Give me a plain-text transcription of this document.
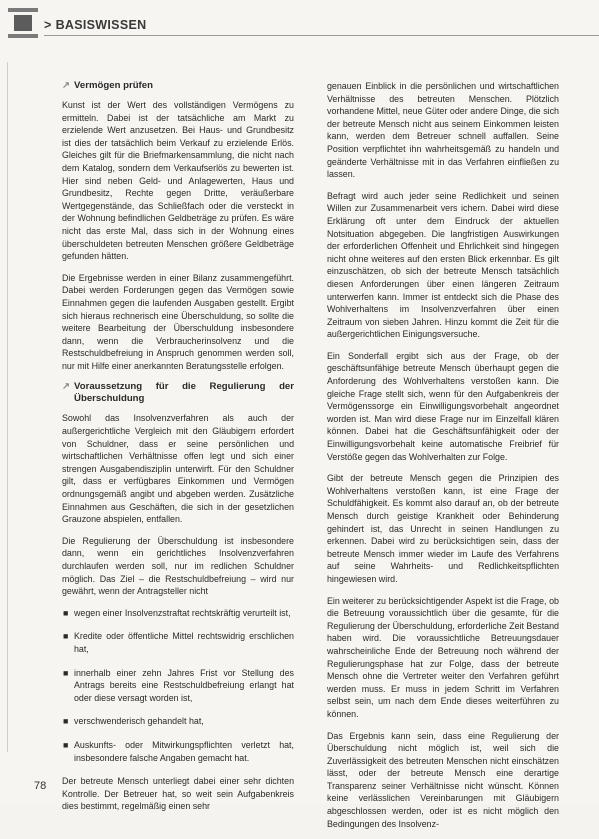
> BASISWISSEN
↗ Vermögen prüfen

Kunst ist der Wert des vollständigen Vermögens zu ermitteln. Dabei ist der tatsächliche am Markt zu erzielende Wert anzusetzen. Bei Haus- und Grundbesitz ist dies der tatsächlich beim Verkauf zu erzielende Erlös. Gleiches gilt für die Briefmarkensammlung, die nicht nach dem Katalog, sondern dem Verkaufserlös zu bewerten ist. Hier sind neben Geld- und Anlagewerten, Haus und Grundbesitz, Rechte gegen Dritte, veräußerbare Wertgegenstände, das Schließfach oder die versteckt in der Wohnung befindlichen Geldbeträge zu prüfen. Es wäre nicht das erste Mal, dass sich in der Wohnung eines überschuldeten betreuten Menschen größere Geldbeträge gefunden hätten.

Die Ergebnisse werden in einer Bilanz zusammengeführt. Dabei werden Forderungen gegen das Vermögen sowie Einnahmen gegen die laufenden Ausgaben gestellt. Ergibt sich hieraus rechnerisch eine Überschuldung, so sollte die weitere Bearbeitung der Überschuldung insbesondere dann, wenn die Verbraucherinsolvenz und die Restschuldbefreiung in Anspruch genommen werden soll, nur mit Hilfe einer anerkannten Beratungsstelle erfolgen.

↗ Voraussetzung für die Regulierung der Überschuldung

Sowohl das Insolvenzverfahren als auch der außergerichtliche Vergleich mit den Gläubigern erfordert von Schuldner, dass er seine persönlichen und wirtschaftlichen Verhältnisse offen legt und sich einer strengen Ausgabendisziplin unterwirft. Für den Schuldner gilt, dass er verfügbares Einkommen und Vermögen ordnungsgemäß angibt und abgeben werden. Zusätzliche Einnahmen aus Geschäften, die sich in der gesetzlichen Grauzone abspielen, entfallen.

Die Regulierung der Überschuldung ist insbesondere dann, wenn ein gerichtliches Insolvenzverfahren durchlaufen werden soll, nur im redlichen Schuldner möglich. Das Ziel – die Restschuldbefreiung – wird nur gewährt, wenn der Antragsteller nicht

■ wegen einer Insolvenzstraftat rechtskräftig verurteilt ist,
■ Kredite oder öffentliche Mittel rechtswidrig erschlichen hat,
■ innerhalb einer zehn Jahres Frist vor Stellung des Antrags bereits eine Restschuldbefreiung erlangt hat oder diese versagt worden ist,
■ verschwenderisch gehandelt hat,
■ Auskunfts- oder Mitwirkungspflichten verletzt hat, insbesondere falsche Angaben gemacht hat.

Der betreute Mensch unterliegt dabei einer sehr dichten Kontrolle. Der Betreuer hat, so weit sein Aufgabenkreis dies bestimmt, regelmäßig einen sehr

genauen Einblick in die persönlichen und wirtschaftlichen Verhältnisse des betreuten Menschen. Plötzlich vorhandene Mittel, neue Güter oder andere Dinge, die sich der betreute Mensch nicht aus seinem Einkommen leisten kann, werden dem Betreuer schnell auffallen. Seine Position verpflichtet ihn wahrheitsgemäß zu handeln und geänderte Verhältnisse mit in das Verfahren einfließen zu lassen.

Befragt wird auch jeder seine Redlichkeit und seinen Willen zur Zusammenarbeit vers ichern. Dabei wird diese Erklärung oft unter dem Eindruck der aktuellen Notsituation abgegeben. Die langfristigen Auswirkungen der erforderlichen Offenheit und Ehrlichkeit sind hingegen nicht ohne weiteres auf den ersten Blick erkennbar. Es gilt einzuschätzen, ob sich der betreute Mensch tatsächlich diesen Anforderungen über einen längeren Zeitraum unterwerfen kann. Immer ist entdeckt sich die Phase des Wohlverhaltens im Insolvenzverfahren über einen Zeitraum von sieben Jahren. Hinzu kommt die Zeit für die außergerichtlichen Einigungsversuche.

Ein Sonderfall ergibt sich aus der Frage, ob der geschäftsunfähige betreute Mensch überhaupt gegen die Anforderung des Wohlverhaltens verstoßen kann. Die gleiche Frage stellt sich, wenn für den Aufgabenkreis der Vermögenssorge ein Einwilligungsvorbehalt angeordnet worden ist. Man wird diese Frage nur im Einzelfall klären können. Dabei hat die Geschäftsunfähigkeit oder der Einwilligungsvorbehalt keine automatische Freibrief für Verstöße gegen das Wohlverhalten zur Folge.

Gibt der betreute Mensch gegen die Prinzipien des Wohlverhaltens verstoßen kann, ist eine Frage der Schuldfähigkeit. Es kommt also darauf an, ob der betreute Mensch durch geistige Krankheit oder Behinderung gehindert ist, das Unrecht in seinen Handlungen zu erkennen. Dabei wird zu berücksichtigen sein, dass der betreute Mensch immer wieder im Laufe des Verfahrens auf seine Wahrheits- und Redlichkeitspflichten hingewiesen wird.

Ein weiterer zu berücksichtigender Aspekt ist die Frage, ob die Betreuung voraussichtlich über die gesamte, für die Regulierung der Überschuldung, erforderliche Zeit Bestand haben wird. Die voraussichtliche Betreuungsdauer wahrscheinliche Ende der Betreuung noch während der Regulierungsphase hat zur Folge, dass der betreute Mensch ohne die Vertreter weiter den Verfahren geführt werden muss. Er muss in jedem Schritt im Verfahren selbst sein, um nach dem Ende dieses weiterführen zu können.

Das Ergebnis kann sein, dass eine Regulierung der Überschuldung nicht möglich ist, weil sich die Zuverlässigkeit des betreuten Menschen nicht einschätzen lässt, oder der betreute Mensch eine derartige Transparenz seiner Verhältnisse nicht wünscht. Können keine verlässlichen Vereinbarungen mit Gläubigern abgeschlossen werden, oder ist es nicht möglich den Bedingungen des Insolvenz-

78
